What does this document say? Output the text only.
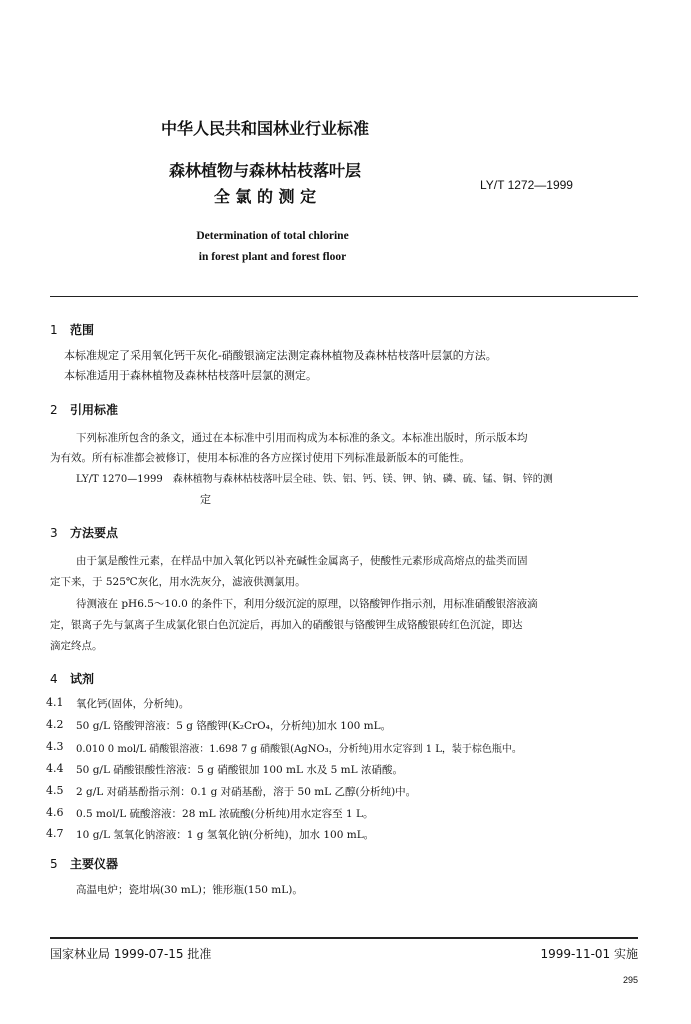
中华人民共和国林业行业标准
森林植物与森林枯枝落叶层
全 氯 的 测 定
LY/T 1272—1999
Determination of total chlorine
in forest plant and forest floor
1 范围
本标准规定了采用氧化钙干灰化-硝酸银滴定法测定森林植物及森林枯枝落叶层氯的方法。
本标准适用于森林植物及森林枯枝落叶层氯的测定。
2 引用标准
下列标准所包含的条文，通过在本标准中引用而构成为本标准的条文。本标准出版时，所示版本均
为有效。所有标准都会被修订，使用本标准的各方应探讨使用下列标准最新版本的可能性。
LY/T 1270—1999　森林植物与森林枯枝落叶层全硅、铁、铝、钙、镁、钾、钠、磷、硫、锰、铜、锌的测
定
3 方法要点
由于氯是酸性元素，在样品中加入氧化钙以补充碱性金属离子，使酸性元素形成高熔点的盐类而固
定下来，于 525℃灰化，用水洗灰分，滤液供测氯用。
待测液在 pH6.5～10.0 的条件下，利用分级沉淀的原理，以铬酸钾作指示剂，用标准硝酸银溶液滴
定，银离子先与氯离子生成氯化银白色沉淀后，再加入的硝酸银与铬酸钾生成铬酸银砖红色沉淀，即达
滴定终点。
4 试剂
4.1 氧化钙(固体，分析纯)。
4.2 50 g/L 铬酸钾溶液：5 g 铬酸钾(K₂CrO₄，分析纯)加水 100 mL。
4.3 0.010 0 mol/L 硝酸银溶液：1.698 7 g 硝酸银(AgNO₃，分析纯)用水定容到 1 L，装于棕色瓶中。
4.4 50 g/L 硝酸银酸性溶液：5 g 硝酸银加 100 mL 水及 5 mL 浓硝酸。
4.5 2 g/L 对硝基酚指示剂：0.1 g 对硝基酚，溶于 50 mL 乙醇(分析纯)中。
4.6 0.5 mol/L 硫酸溶液：28 mL 浓硫酸(分析纯)用水定容至 1 L。
4.7 10 g/L 氢氧化钠溶液：1 g 氢氧化钠(分析纯)，加水 100 mL。
5 主要仪器
高温电炉；瓷坩埚(30 mL)；锥形瓶(150 mL)。
国家林业局 1999-07-15 批准	1999-11-01 实施
295
